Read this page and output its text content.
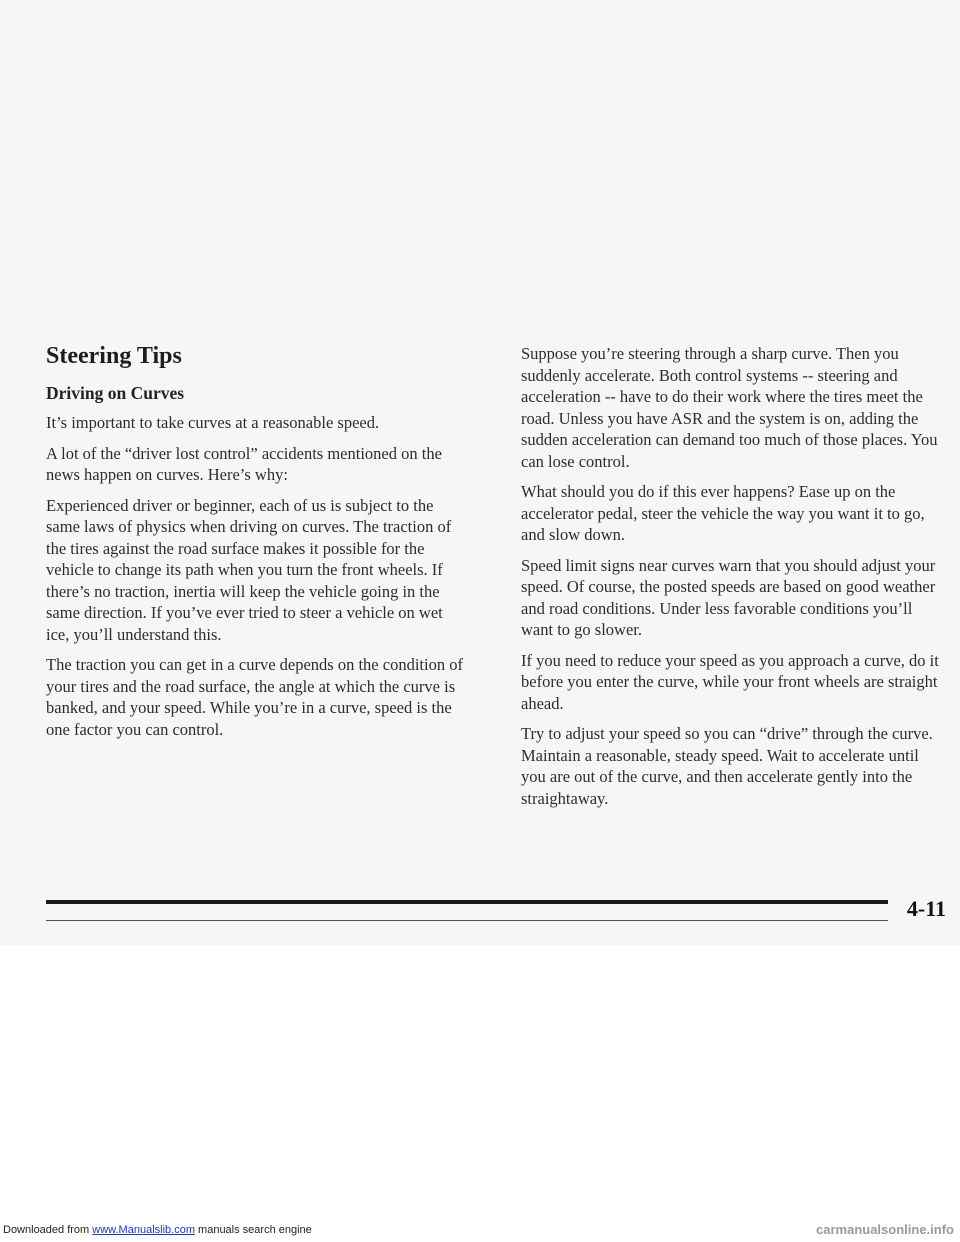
Steering Tips
Driving on Curves

It’s important to take curves at a reasonable speed.

A lot of the “driver lost control” accidents mentioned on the news happen on curves. Here’s why:

Experienced driver or beginner, each of us is subject to the same laws of physics when driving on curves. The traction of the tires against the road surface makes it possible for the vehicle to change its path when you turn the front wheels. If there’s no traction, inertia will keep the vehicle going in the same direction. If you’ve ever tried to steer a vehicle on wet ice, you’ll understand this.

The traction you can get in a curve depends on the condition of your tires and the road surface, the angle at which the curve is banked, and your speed. While you’re in a curve, speed is the one factor you can control.

Suppose you’re steering through a sharp curve. Then you suddenly accelerate. Both control systems -- steering and acceleration -- have to do their work where the tires meet the road. Unless you have ASR and the system is on, adding the sudden acceleration can demand too much of those places. You can lose control.

What should you do if this ever happens? Ease up on the accelerator pedal, steer the vehicle the way you want it to go, and slow down.

Speed limit signs near curves warn that you should adjust your speed. Of course, the posted speeds are based on good weather and road conditions. Under less favorable conditions you’ll want to go slower.

If you need to reduce your speed as you approach a curve, do it before you enter the curve, while your front wheels are straight ahead.

Try to adjust your speed so you can “drive” through the curve. Maintain a reasonable, steady speed. Wait to accelerate until you are out of the curve, and then accelerate gently into the straightaway.

4-11
Downloaded from www.Manualslib.com manuals search engine	carmanualsonline.info
